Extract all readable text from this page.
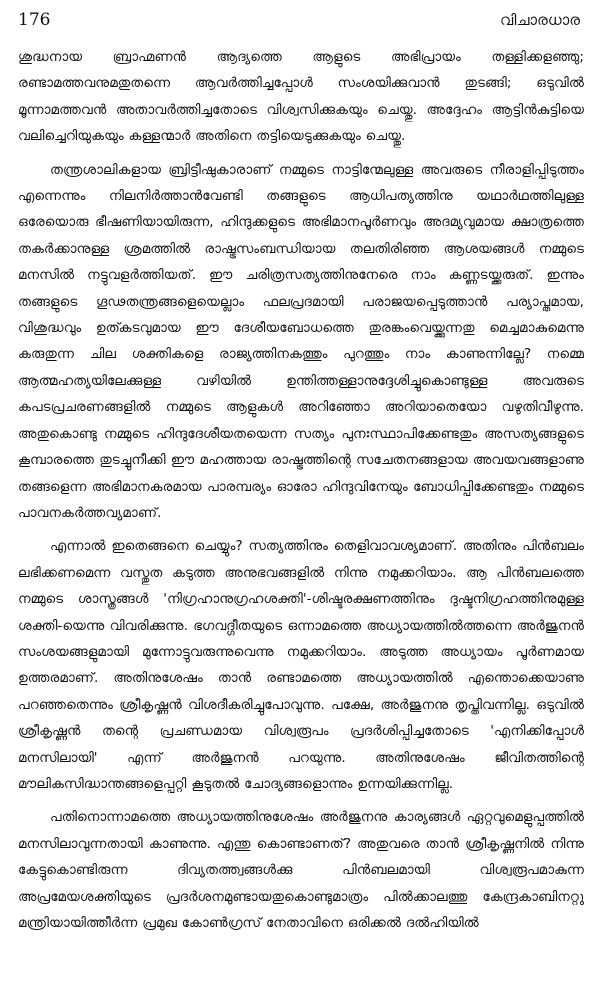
176	വിചാരധാര

ശുദ്ധനായ ബ്രാഹ്മണൻ ആദ്യത്തെ ആളുടെ അഭിപ്രായം തള്ളിക്കളഞ്ഞു; രണ്ടാമത്തവനുമതുതന്നെ ആവർത്തിച്ചപ്പോൾ സംശയിക്കുവാൻ തുടങ്ങി; ഒടുവിൽ മൂന്നാമത്തവൻ അതാവർത്തിച്ചതോടെ വിശ്വസിക്കുകയും ചെയ്തു. അദ്ദേഹം ആട്ടിൻകുട്ടിയെ വലിച്ചെറിയുകയും കള്ളന്മാർ അതിനെ തട്ടിയെടുക്കുകയും ചെയ്തു.

തന്ത്രശാലികളായ ബ്രിട്ടീഷുകാരാണ് നമ്മുടെ നാട്ടിന്മേലുള്ള അവരുടെ നീരാളിപ്പിടുത്തം എന്നെന്നും നിലനിർത്താൻവേണ്ടി തങ്ങളുടെ ആധിപത്യത്തിനു യഥാർഥത്തിലുള്ള ഒരേയൊരു ഭീഷണിയായിരുന്ന, ഹിന്ദുക്കളുടെ അഭിമാനപൂർണവും അദമ്യവുമായ ക്ഷാത്രത്തെ തകർക്കാനുള്ള ശ്രമത്തിൽ രാഷ്ട്രസംബന്ധിയായ തലതിരിഞ്ഞ ആശയങ്ങൾ നമ്മുടെ മനസിൽ നട്ടുവളർത്തിയത്. ഈ ചരിത്രസത്യത്തിനുനേരെ നാം കണ്ണടയ്ക്കരുത്. ഇന്നും തങ്ങളുടെ ഗൂഢതന്ത്രങ്ങളെയെല്ലാം ഫലപ്രദമായി പരാജയപ്പെടുത്താൻ പര്യാപ്തമായ, വിശുദ്ധവും ഉത്കടവുമായ ഈ ദേശീയബോധത്തെ തുരങ്കംവെയ്ക്കുന്നതു മെച്ചമാകുമെന്നു കരുതുന്ന ചില ശക്തികളെ രാജ്യത്തിനകത്തും പുറത്തും നാം കാണുന്നില്ലേ? നമ്മെ ആത്മഹത്യയിലേക്കുള്ള വഴിയിൽ ഉന്തിത്തള്ളാനുദ്ദേശിച്ചുകൊണ്ടുള്ള അവരുടെ കപടപ്രചരണങ്ങളിൽ നമ്മുടെ ആളുകൾ അറിഞ്ഞോ അറിയാതെയോ വഴുതിവീഴുന്നു. അതുകൊണ്ടു നമ്മുടെ ഹിന്ദുദേശീയതയെന്ന സത്യം പുനഃസ്ഥാപിക്കേണ്ടതും അസത്യങ്ങളുടെ കൂമ്പാരത്തെ തുടച്ചുനീക്കി ഈ മഹത്തായ രാഷ്ട്രത്തിന്റെ സചേതനങ്ങളായ അവയവങ്ങളാണു തങ്ങളെന്ന അഭിമാനകരമായ പാരമ്പര്യം ഓരോ ഹിന്ദുവിനേയും ബോധിപ്പിക്കേണ്ടതും നമ്മുടെ പാവനകർത്തവ്യമാണ്.

എന്നാൽ ഇതെങ്ങനെ ചെയ്യും? സത്യത്തിനും തെളിവാവശ്യമാണ്. അതിനും പിൻബലം ലഭിക്കണമെന്ന വസ്തുത കടുത്ത അനുഭവങ്ങളിൽ നിന്നു നമുക്കറിയാം. ആ പിൻബലത്തെ നമ്മുടെ ശാസ്ത്രങ്ങൾ 'നിഗ്രഹാനുഗ്രഹശക്തി'-ശിഷ്ടരക്ഷണത്തിനും ദുഷ്ടനിഗ്രഹത്തിനുമുള്ള ശക്തി-യെന്നു വിവരിക്കുന്നു. ഭഗവദ്ഗീതയുടെ ഒന്നാമത്തെ അധ്യായത്തിൽത്തന്നെ അർജുനൻ സംശയങ്ങളുമായി മുന്നോട്ടുവരുന്നുവെന്നു നമുക്കറിയാം. അടുത്ത അധ്യായം പൂർണമായ ഉത്തരമാണ്. അതിനുശേഷം താൻ രണ്ടാമത്തെ അധ്യായത്തിൽ എന്തൊക്കെയാണു പറഞ്ഞതെന്നും ശ്രീകൃഷ്ണൻ വിശദീകരിച്ചുപോവുന്നു. പക്ഷേ, അർജുനനു തൃപ്തിവന്നില്ല. ഒടുവിൽ ശ്രീകൃഷ്ണൻ തന്റെ പ്രചണ്ഡമായ വിശ്വരൂപം പ്രദർശിപ്പിച്ചതോടെ 'എനിക്കിപ്പോൾ മനസിലായി' എന്ന് അർജുനൻ പറയുന്നു. അതിനുശേഷം ജീവിതത്തിന്റെ മൗലികസിദ്ധാന്തങ്ങളെപ്പറ്റി കൂടുതൽ ചോദ്യങ്ങളൊന്നും ഉന്നയിക്കുന്നില്ല.

പതിനൊന്നാമത്തെ അധ്യായത്തിനുശേഷം അർജുനനു കാര്യങ്ങൾ ഏറ്റവുമെളുപ്പത്തിൽ മനസിലാവുന്നതായി കാണുന്നു. എന്തു കൊണ്ടാണത്? അതുവരെ താൻ ശ്രീകൃഷ്ണനിൽ നിന്നു കേട്ടുകൊണ്ടിരുന്ന ദിവ്യതത്ത്വങ്ങൾക്കു പിൻബലമായി വിശ്വരൂപമാകുന്ന അപ്രമേയശക്തിയുടെ പ്രദർശനമുണ്ടായതുകൊണ്ടുമാത്രം പിൽക്കാലത്തു കേന്ദ്രകാബിനറ്റു മന്ത്രിയായിത്തീർന്ന പ്രമുഖ കോൺഗ്രസ് നേതാവിനെ ഒരിക്കൽ ദൽഹിയിൽ
